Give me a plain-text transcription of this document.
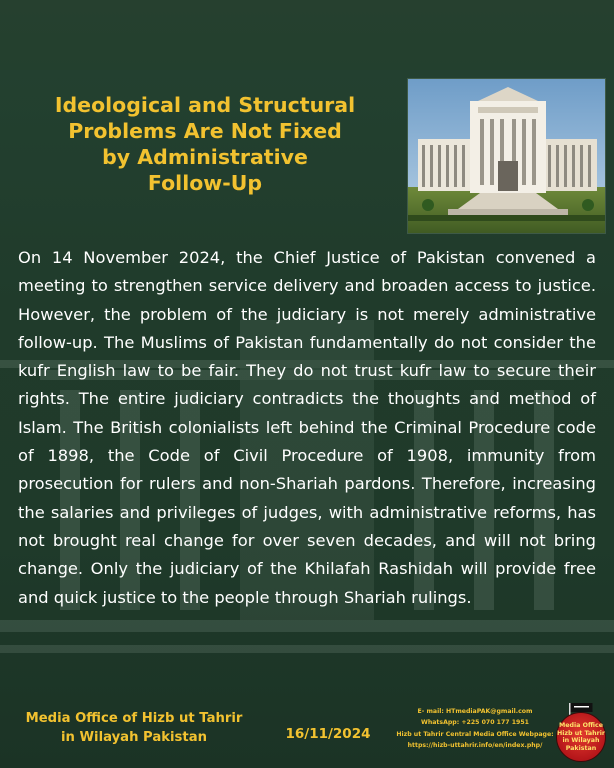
Ideological and Structural
Problems Are Not Fixed
by Administrative
Follow-Up
On 14 November 2024, the Chief Justice of Pakistan convened a meeting to strengthen service delivery and broaden access to justice. However, the problem of the judiciary is not merely administrative follow-up. The Muslims of Pakistan fundamentally do not consider the kufr English law to be fair. They do not trust kufr law to secure their rights. The entire judiciary contradicts the thoughts and method of Islam. The British colonialists left behind the Criminal Procedure code of 1898, the Code of Civil Procedure of 1908, immunity from prosecution for rulers and non-Shariah pardons. Therefore, increasing the salaries and privileges of judges, with administrative reforms, has not brought real change for over seven decades, and will not bring change. Only the judiciary of the Khilafah Rashidah will provide free and quick justice to the people through Shariah rulings.
Media Office of Hizb ut Tahrir
in Wilayah Pakistan	16/11/2024
E- mail: HTmediaPAK@gmail.com
WhatsApp: +225 070 177 1951
Hizb ut Tahrir Central Media Office Webpage:
https://hizb-uttahrir.info/en/index.php/
Media Office
Hizb ut Tahrir
in Wilayah Pakistan
